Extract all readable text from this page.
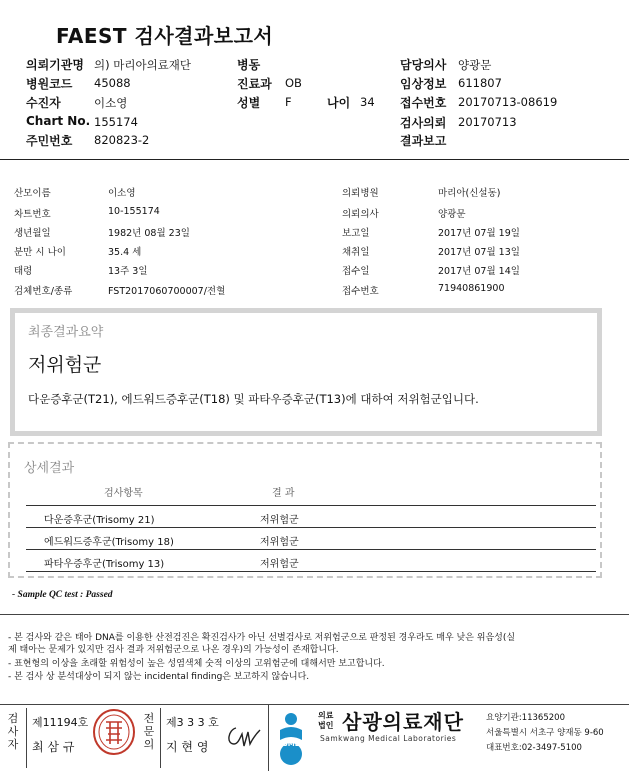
FAEST 검사결과보고서
의뢰기관명 의) 마리아의료재단
병원코드 45088
수진자	이소영
Chart No. 155174
주민번호 820823-2
병동
진료과 OB
성별 F	나이 34
담당의사 양광문
임상정보 611807
접수번호 20170713-08619
검사의뢰 20170713
결과보고
산모이름	이소영
차트번호	10-155174
생년월일	1982년 08월 23일
분만 시 나이	35.4 세
태령	13주 3일
검체번호/종류	FST2017060700007/전혈
의뢰병원	마리아(신설동)
의뢰의사	양광문
보고일	2017년 07월 19일
채취일	2017년 07월 13일
접수일	2017년 07월 14일
접수번호	71940861900
최종결과요약
저위험군
다운증후군(T21), 에드워드증후군(T18) 및 파타우증후군(T13)에 대하여 저위험군입니다.
상세결과
검사항목	결 과
다운증후군(Trisomy 21)	저위험군
에드워드증후군(Trisomy 18)	저위험군
파타우증후군(Trisomy 13)	저위험군
- Sample QC test : Passed
- 본 검사와 같은 태아 DNA를 이용한 산전검진은 확진검사가 아닌 선별검사로 저위험군으로 판정된 경우라도 매우 낮은 위음성(실
제 태아는 문제가 있지만 검사 결과 저위험군으로 나온 경우)의 가능성이 존재합니다.
- 표현형의 이상을 초래할 위험성이 높은 성염색체 숫적 이상의 고위험군에 대해서만 보고합니다.
- 본 검사 상 분석대상이 되지 않는 incidental finding은 보고하지 않습니다.
검사자
제11194호
최 삼 규
전문의
제3 3 3 호
지 현 영	SML
의료법인 삼광의료재단
Samkwang Medical Laboratories
요양기관:11365200
서울특별시 서초구 양재동 9-60
대표번호:02-3497-5100
